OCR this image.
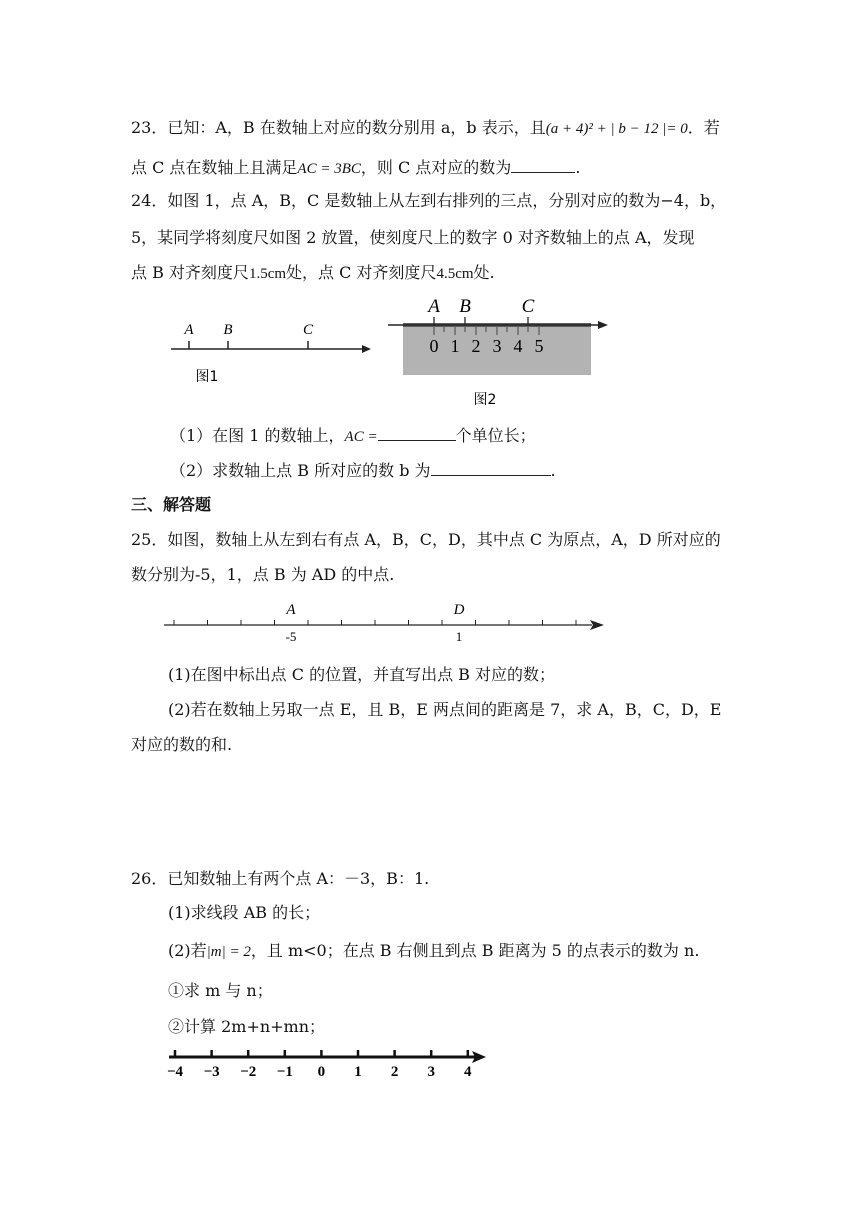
23．已知：A，B 在数轴上对应的数分别用 a，b 表示，且(a + 4)² + | b − 12 |= 0．若
点 C 点在数轴上且满足AC = 3BC，则 C 点对应的数为	.
24．如图 1，点 A，B，C 是数轴上从左到右排列的三点，分别对应的数为−4，b，
5，某同学将刻度尺如图 2 放置，使刻度尺上的数字 0 对齐数轴上的点 A，发现
点 B 对齐刻度尺1.5cm处，点 C 对齐刻度尺4.5cm处.
A B	C
图1
A B	C
0 1 2 3 4 5
图2
（1）在图 1 的数轴上，AC =	个单位长；
（2）求数轴上点 B 所对应的数 b 为	.
三、解答题
25．如图，数轴上从左到右有点 A，B，C，D，其中点 C 为原点，A，D 所对应的
数分别为-5，1，点 B 为 AD 的中点.
A
-5
D
1
(1)在图中标出点 C 的位置，并直写出点 B 对应的数；
(2)若在数轴上另取一点 E，且 B，E 两点间的距离是 7，求 A，B，C，D，E
对应的数的和.
26．已知数轴上有两个点 A：－3，B：1.
(1)求线段 AB 的长；
(2)若|m| = 2，且 m<0；在点 B 右侧且到点 B 距离为 5 的点表示的数为 n.
①求 m 与 n；
②计算 2m+n+mn；
−4 −3 −2 −1 0 1 2 3 4
